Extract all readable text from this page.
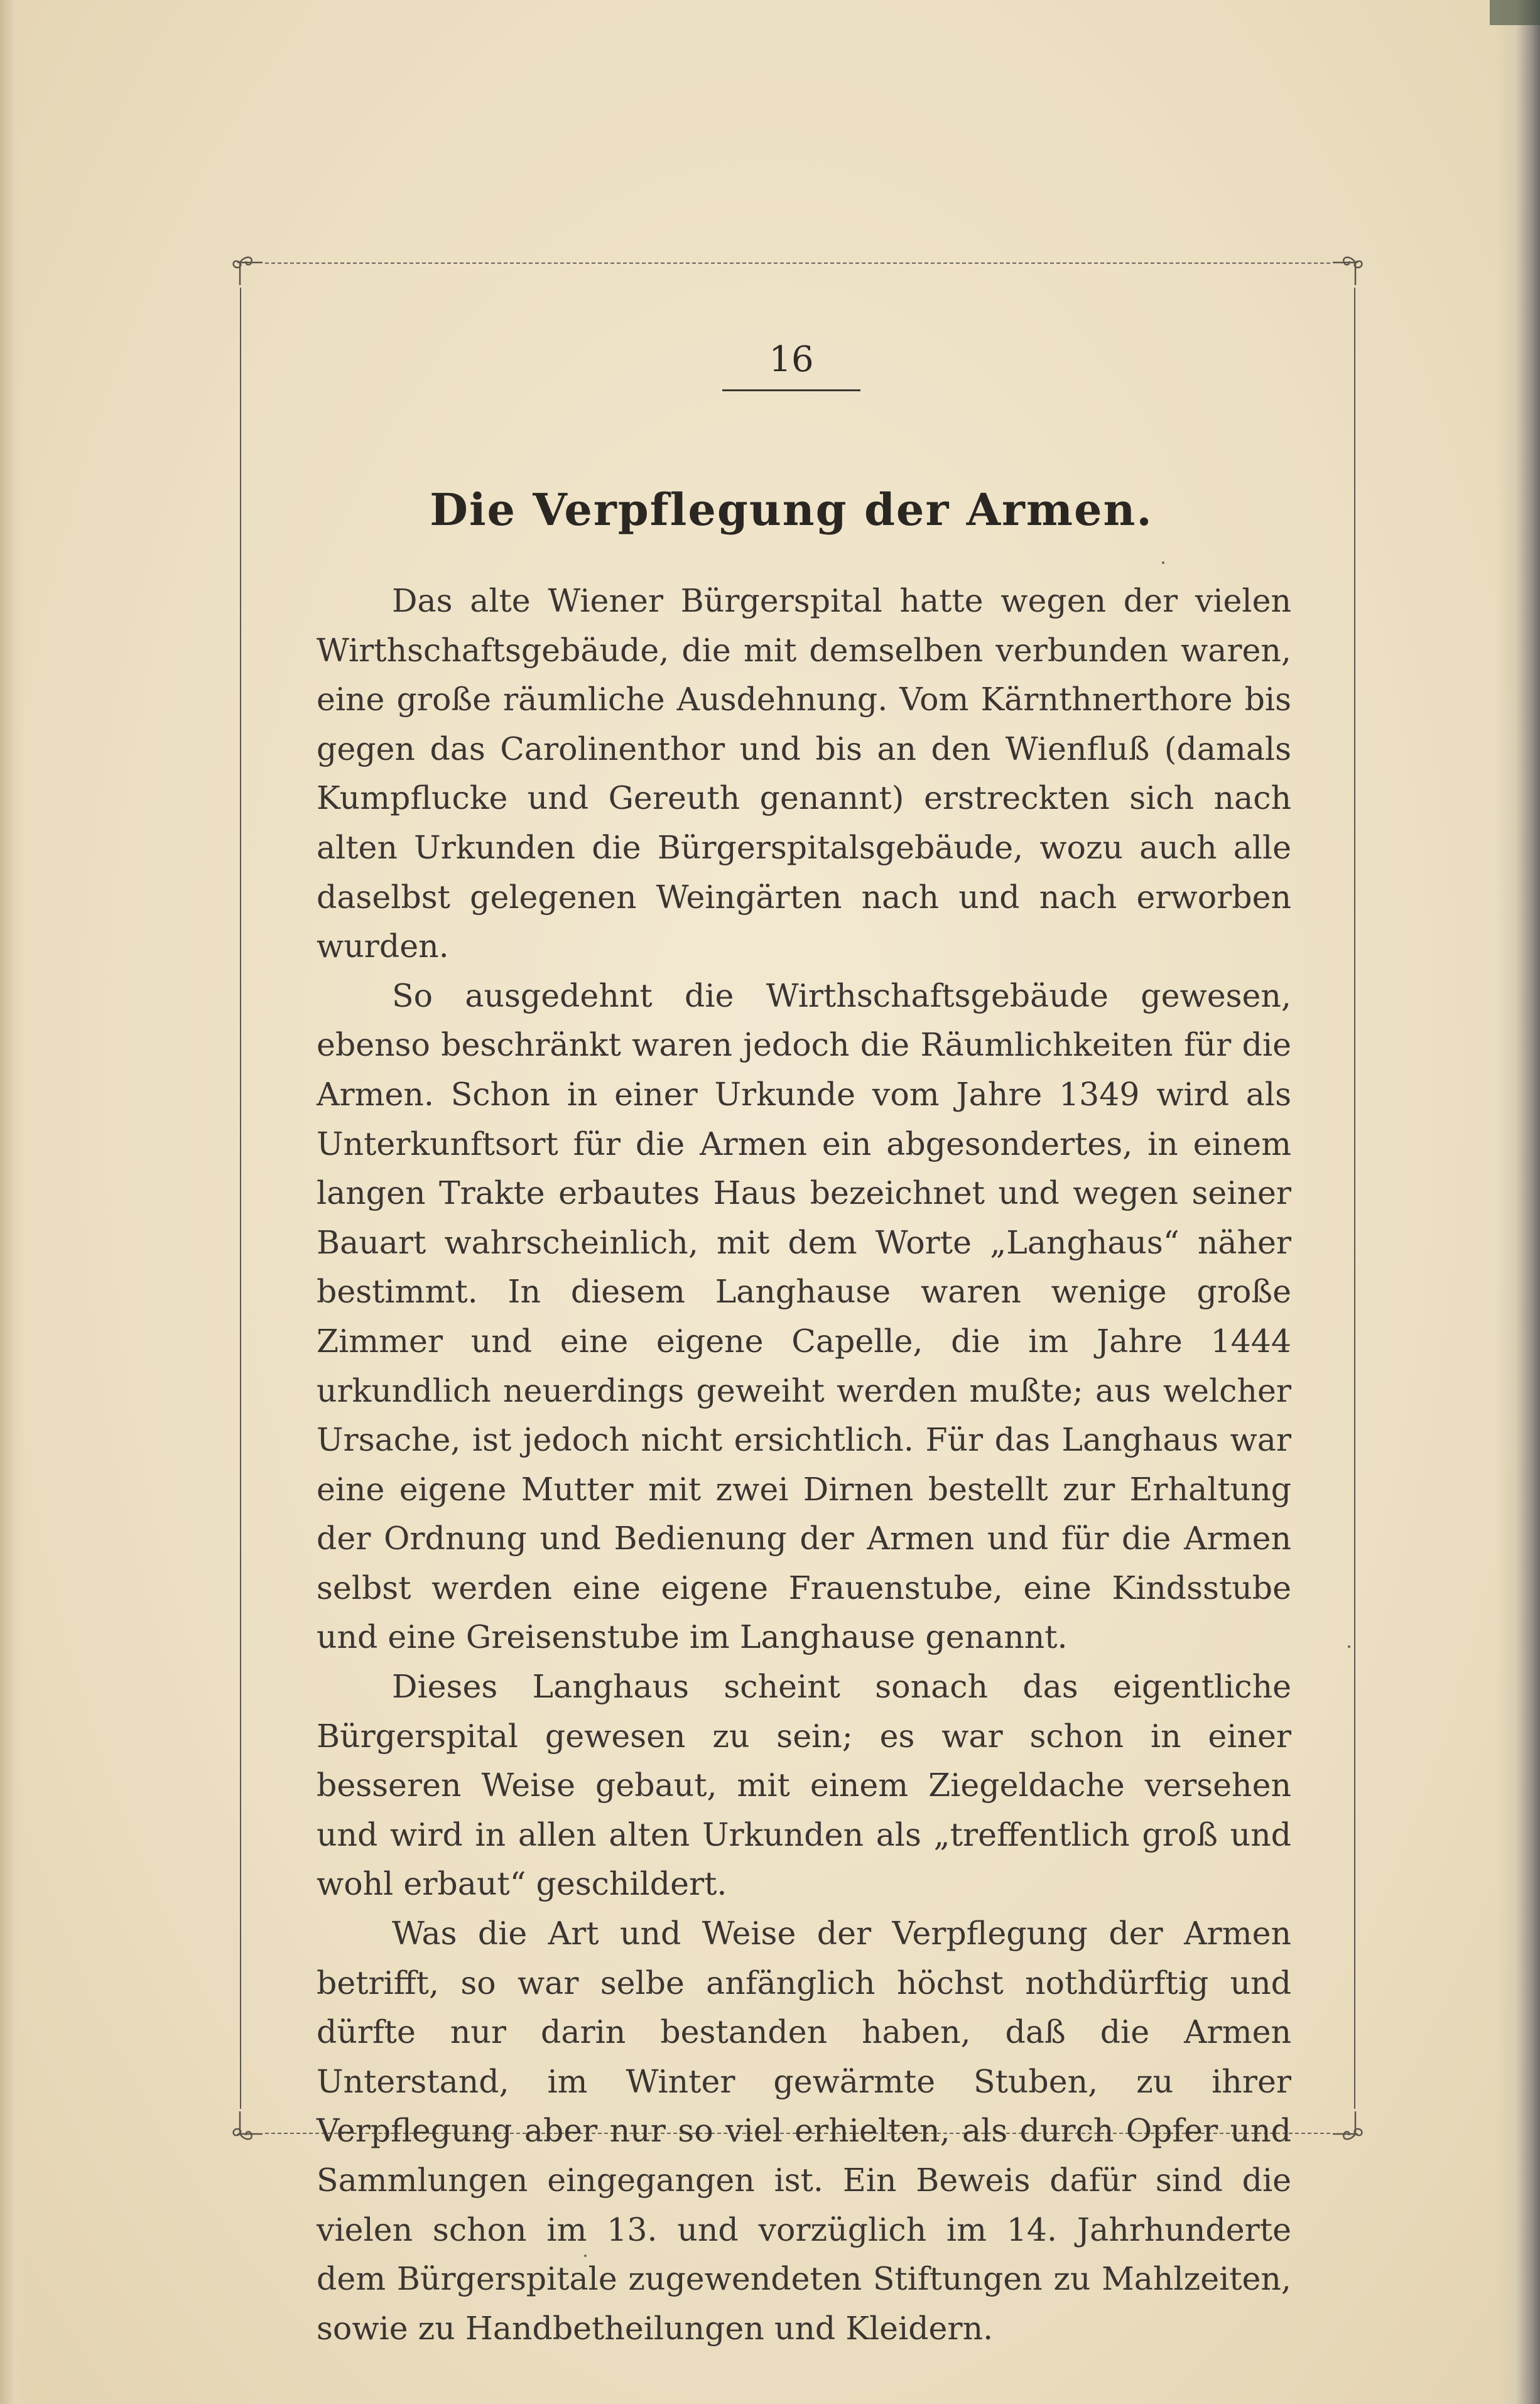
16
Die Verpflegung der Armen.

Das alte Wiener Bürgerspital hatte wegen der vielen Wirthschaftsgebäude, die mit demselben verbunden waren, eine große räumliche Ausdehnung. Vom Kärnthnerthore bis gegen das Carolinenthor und bis an den Wienfluß (damals Kumpflucke und Gereuth genannt) erstreckten sich nach alten Urkunden die Bürgerspitalsgebäude, wozu auch alle daselbst gelegenen Weingärten nach und nach erworben wurden.

So ausgedehnt die Wirthschaftsgebäude gewesen, ebenso beschränkt waren jedoch die Räumlichkeiten für die Armen. Schon in einer Urkunde vom Jahre 1349 wird als Unterkunftsort für die Armen ein abgesondertes, in einem langen Trakte erbautes Haus bezeichnet und wegen seiner Bauart wahrscheinlich, mit dem Worte „Langhaus“ näher bestimmt. In diesem Langhause waren wenige große Zimmer und eine eigene Capelle, die im Jahre 1444 urkundlich neuerdings geweiht werden mußte; aus welcher Ursache, ist jedoch nicht ersichtlich. Für das Langhaus war eine eigene Mutter mit zwei Dirnen bestellt zur Erhaltung der Ordnung und Bedienung der Armen und für die Armen selbst werden eine eigene Frauenstube, eine Kindsstube und eine Greisenstube im Langhause genannt.

Dieses Langhaus scheint sonach das eigentliche Bürgerspital gewesen zu sein; es war schon in einer besseren Weise gebaut, mit einem Ziegeldache versehen und wird in allen alten Urkunden als „treffentlich groß und wohl erbaut“ geschildert.

Was die Art und Weise der Verpflegung der Armen betrifft, so war selbe anfänglich höchst nothdürftig und dürfte nur darin bestanden haben, daß die Armen Unterstand, im Winter gewärmte Stuben, zu ihrer Verpflegung aber nur so viel erhielten, als durch Opfer und Sammlungen eingegangen ist. Ein Beweis dafür sind die vielen schon im 13. und vorzüglich im 14. Jahrhunderte dem Bürgerspitale zugewendeten Stiftungen zu Mahlzeiten, sowie zu Handbetheilungen und Kleidern.
